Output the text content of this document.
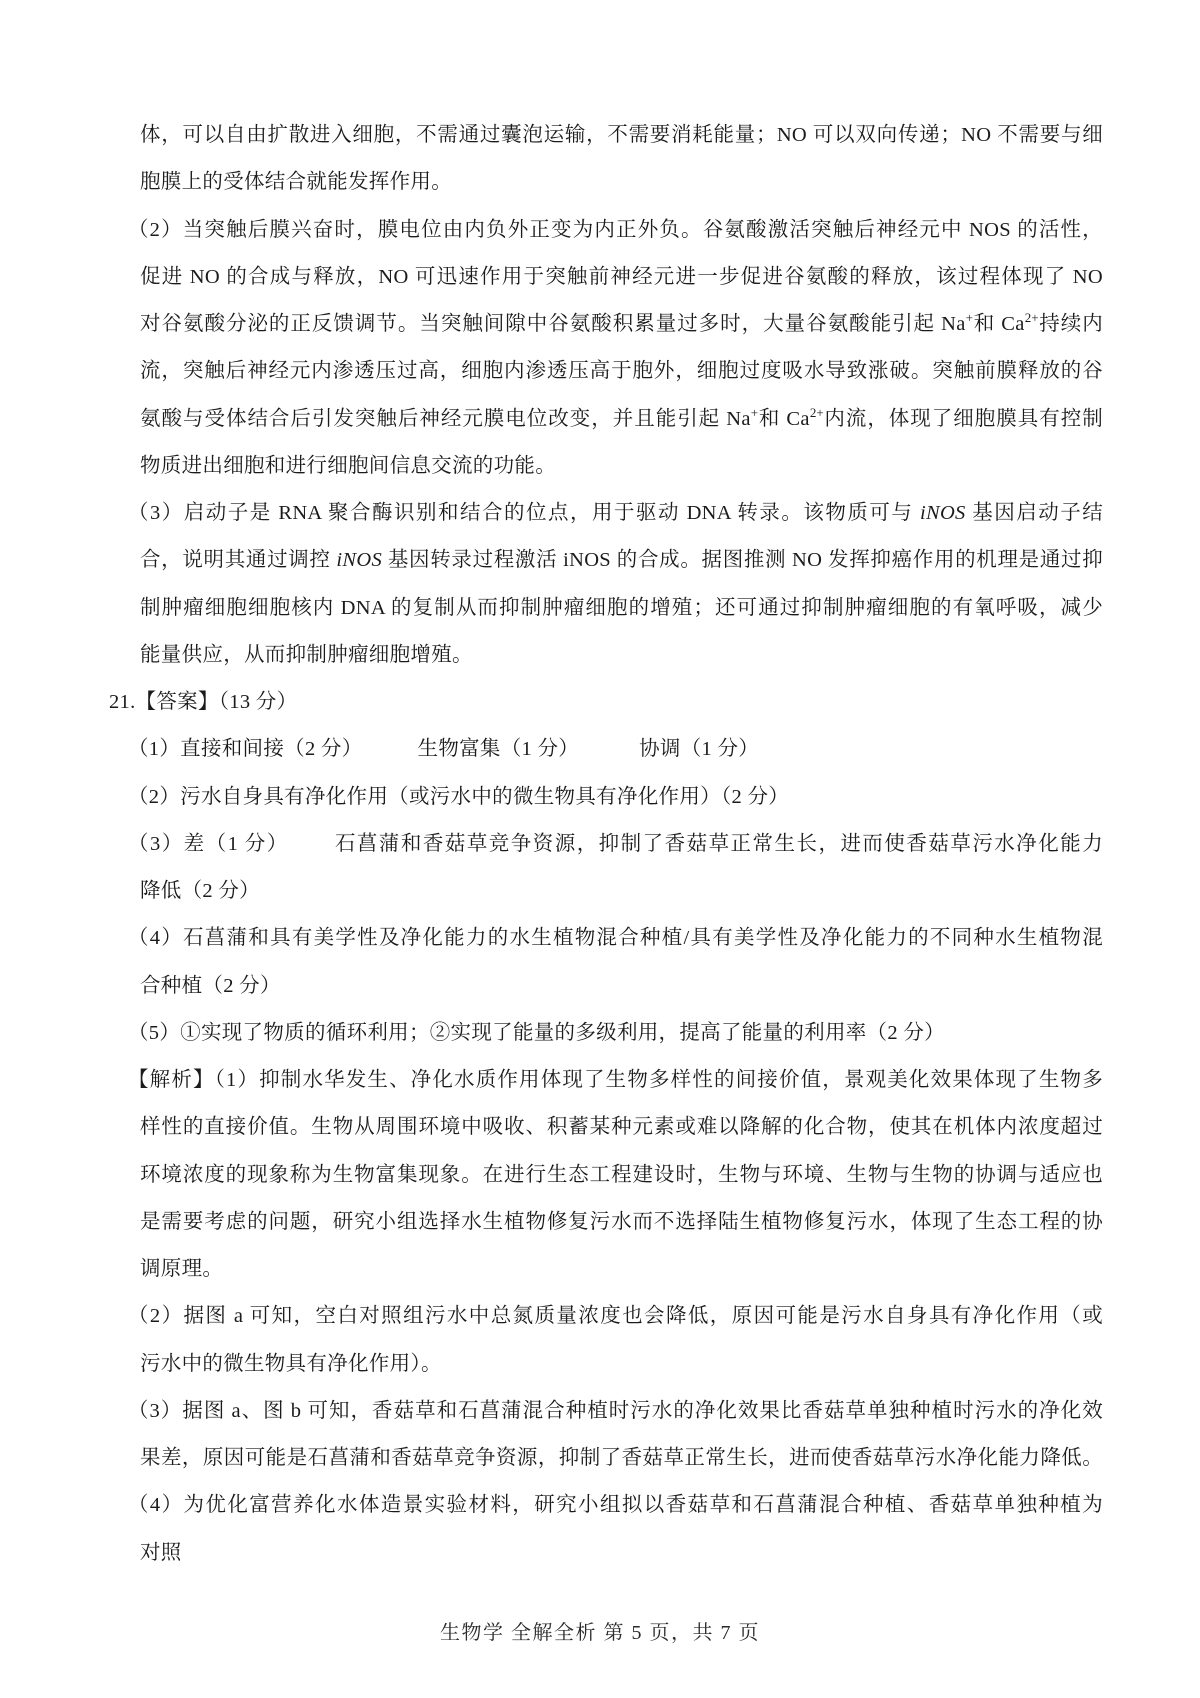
体，可以自由扩散进入细胞，不需通过囊泡运输，不需要消耗能量；NO 可以双向传递；NO 不需要与细
胞膜上的受体结合就能发挥作用。
（2）当突触后膜兴奋时，膜电位由内负外正变为内正外负。谷氨酸激活突触后神经元中 NOS 的活性，
促进 NO 的合成与释放，NO 可迅速作用于突触前神经元进一步促进谷氨酸的释放，该过程体现了 NO
对谷氨酸分泌的正反馈调节。当突触间隙中谷氨酸积累量过多时，大量谷氨酸能引起 Na+和 $Ca^{2+}$持续内
流，突触后神经元内渗透压过高，细胞内渗透压高于胞外，细胞过度吸水导致涨破。突触前膜释放的谷
氨酸与受体结合后引发突触后神经元膜电位改变，并且能引起 Na+和 $Ca^{2+}$内流，体现了细胞膜具有控制
物质进出细胞和进行细胞间信息交流的功能。
（3）启动子是 RNA 聚合酶识别和结合的位点，用于驱动 DNA 转录。该物质可与 iNOS 基因启动子结
合，说明其通过调控 iNOS 基因转录过程激活 iNOS 的合成。据图推测 NO 发挥抑癌作用的机理是通过抑
制肿瘤细胞细胞核内 DNA 的复制从而抑制肿瘤细胞的增殖；还可通过抑制肿瘤细胞的有氧呼吸，减少
能量供应，从而抑制肿瘤细胞增殖。
21.【答案】（13 分）
（1）直接和间接（2 分）	生物富集（1 分）	协调（1 分）
（2）污水自身具有净化作用（或污水中的微生物具有净化作用）（2 分）
（3）差（1 分） 石菖蒲和香菇草竞争资源，抑制了香菇草正常生长，进而使香菇草污水净化能力
降低（2 分）
（4）石菖蒲和具有美学性及净化能力的水生植物混合种植/具有美学性及净化能力的不同种水生植物混
合种植（2 分）
（5）①实现了物质的循环利用；②实现了能量的多级利用，提高了能量的利用率（2 分）
【解析】（1）抑制水华发生、净化水质作用体现了生物多样性的间接价值，景观美化效果体现了生物多
样性的直接价值。生物从周围环境中吸收、积蓄某种元素或难以降解的化合物，使其在机体内浓度超过
环境浓度的现象称为生物富集现象。在进行生态工程建设时，生物与环境、生物与生物的协调与适应也
是需要考虑的问题，研究小组选择水生植物修复污水而不选择陆生植物修复污水，体现了生态工程的协
调原理。
（2）据图 a 可知，空白对照组污水中总氮质量浓度也会降低，原因可能是污水自身具有净化作用（或
污水中的微生物具有净化作用）。
（3）据图 a、图 b 可知，香菇草和石菖蒲混合种植时污水的净化效果比香菇草单独种植时污水的净化效
果差，原因可能是石菖蒲和香菇草竞争资源，抑制了香菇草正常生长，进而使香菇草污水净化能力降低。
（4）为优化富营养化水体造景实验材料，研究小组拟以香菇草和石菖蒲混合种植、香菇草单独种植为
对照
生物学 全解全析 第 5 页，共 7 页
